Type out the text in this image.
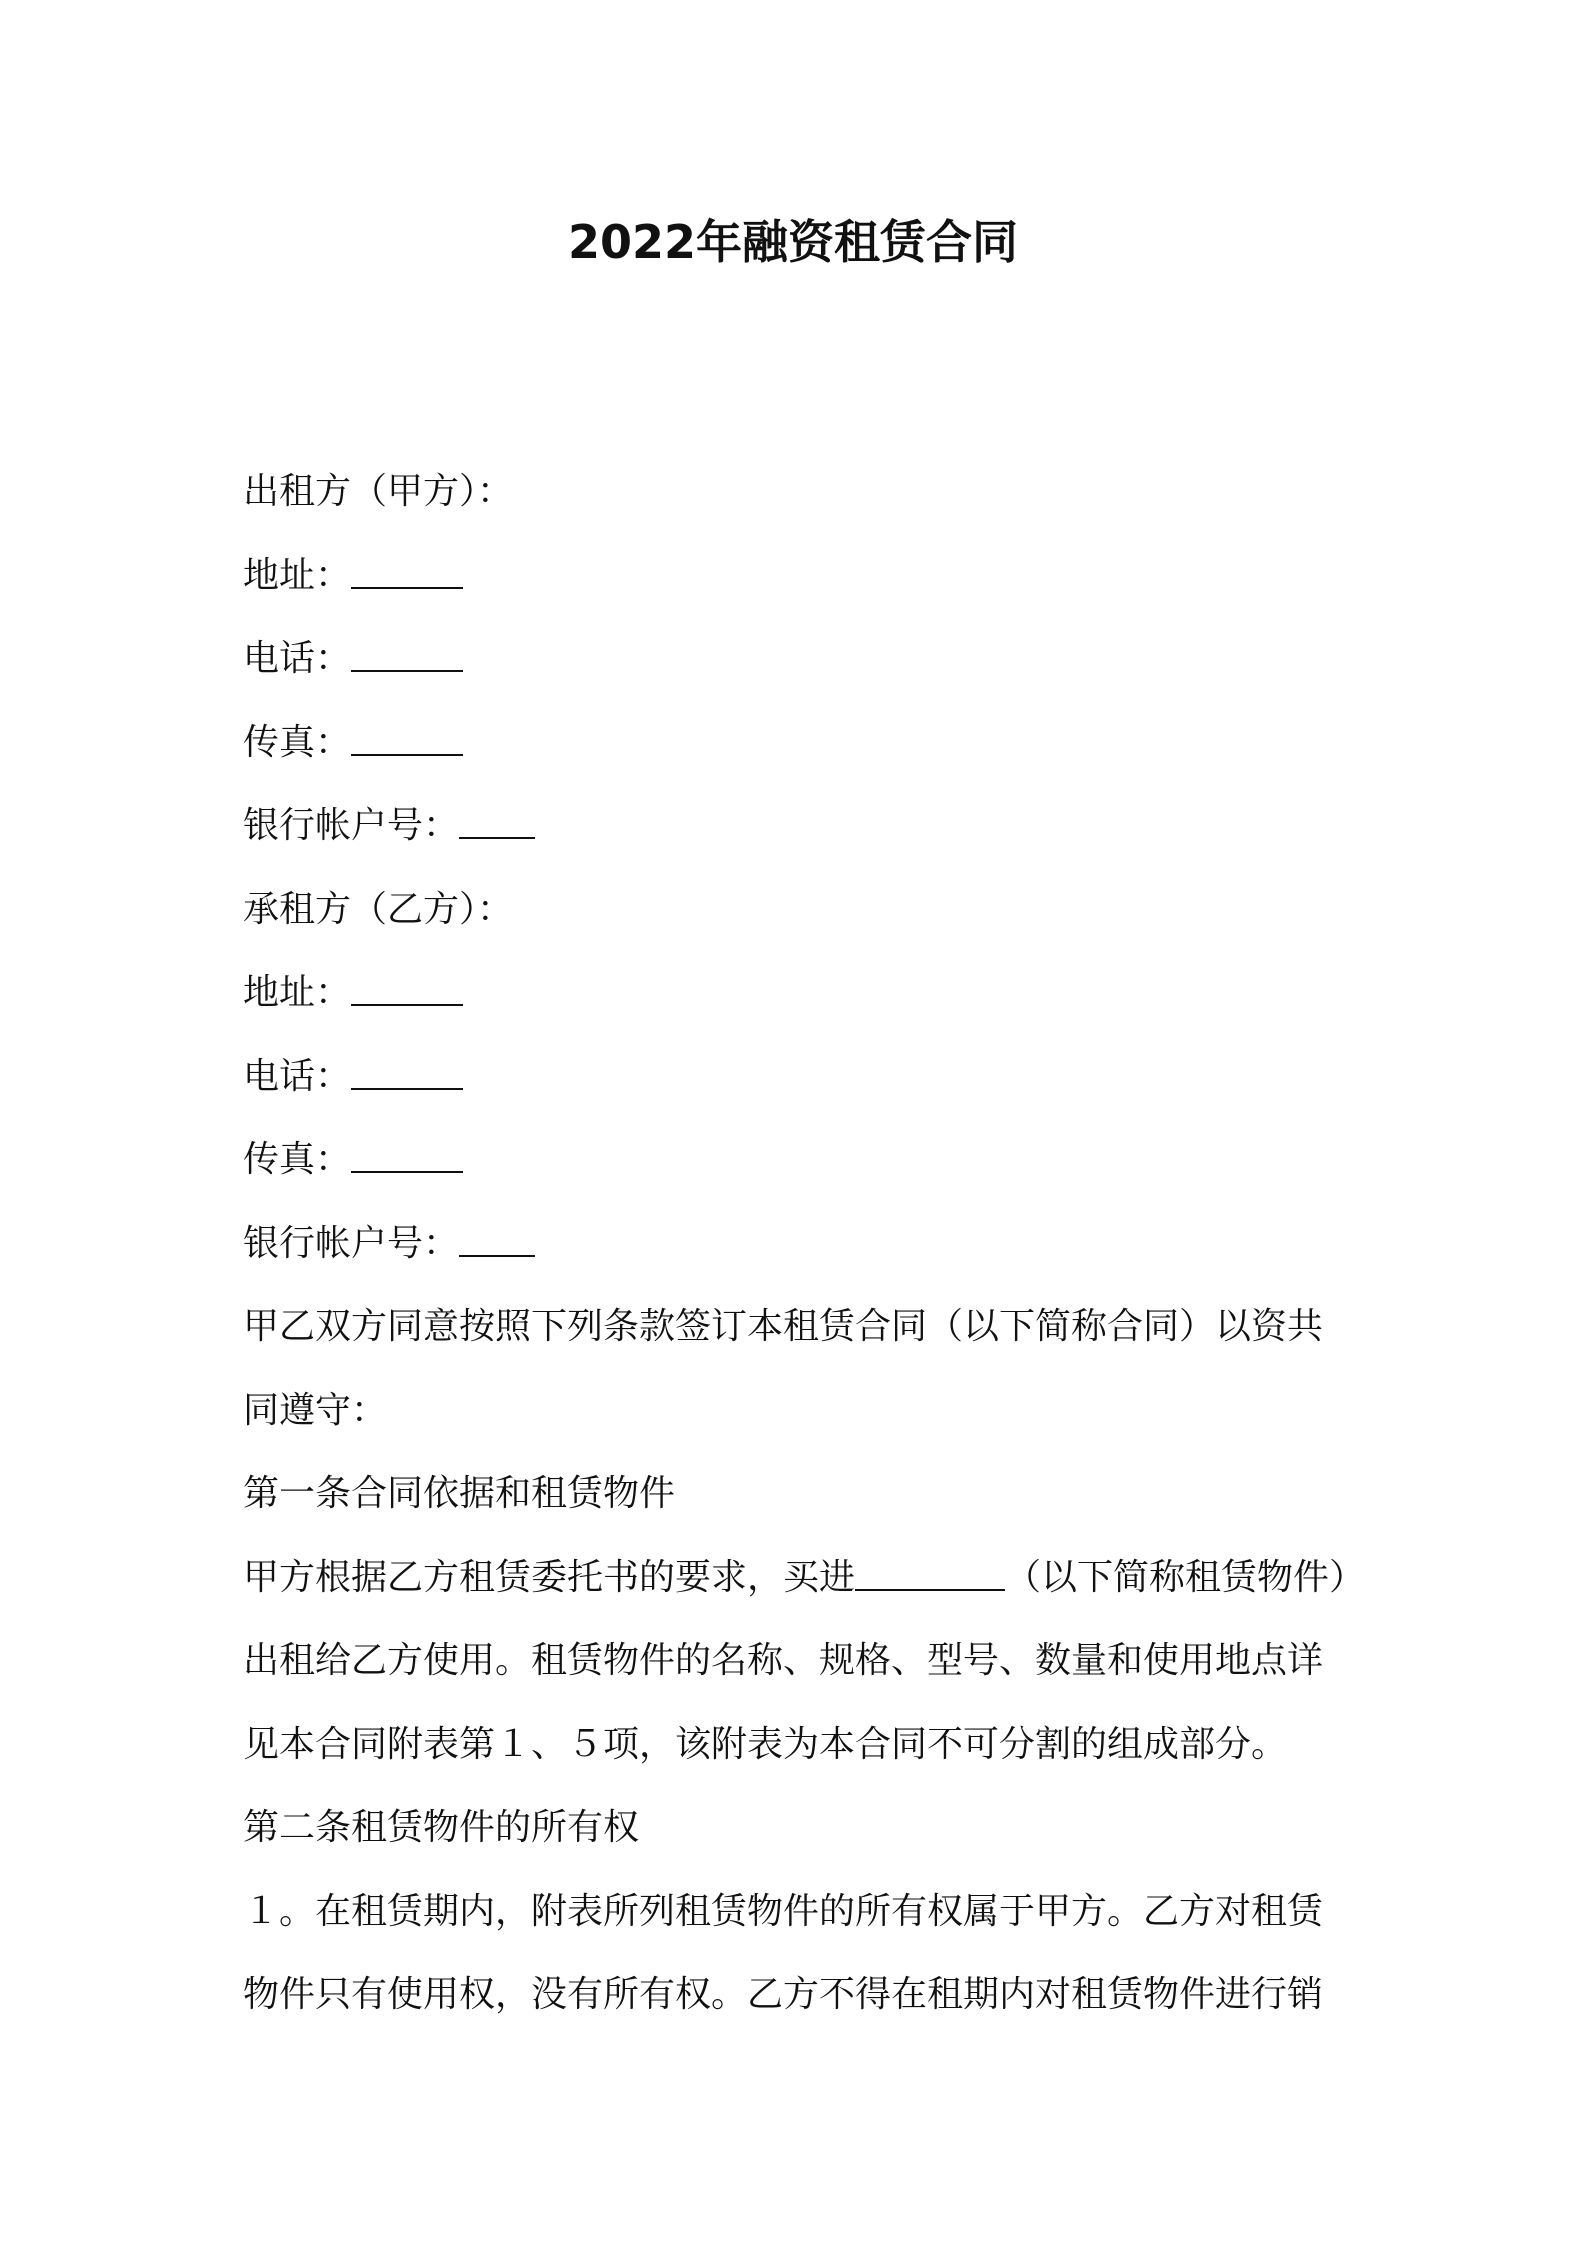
2022年融资租赁合同
出租方（甲方）：
地址：
电话：
传真：
银行帐户号：
承租方（乙方）：
地址：
电话：
传真：
银行帐户号：
甲乙双方同意按照下列条款签订本租赁合同（以下简称合同）以资共
同遵守：
第一条合同依据和租赁物件
甲方根据乙方租赁委托书的要求，买进	（以下简称租赁物件）
出租给乙方使用。租赁物件的名称、规格、型号、数量和使用地点详
见本合同附表第１、５项，该附表为本合同不可分割的组成部分。
第二条租赁物件的所有权
１。在租赁期内，附表所列租赁物件的所有权属于甲方。乙方对租赁
物件只有使用权，没有所有权。乙方不得在租期内对租赁物件进行销
